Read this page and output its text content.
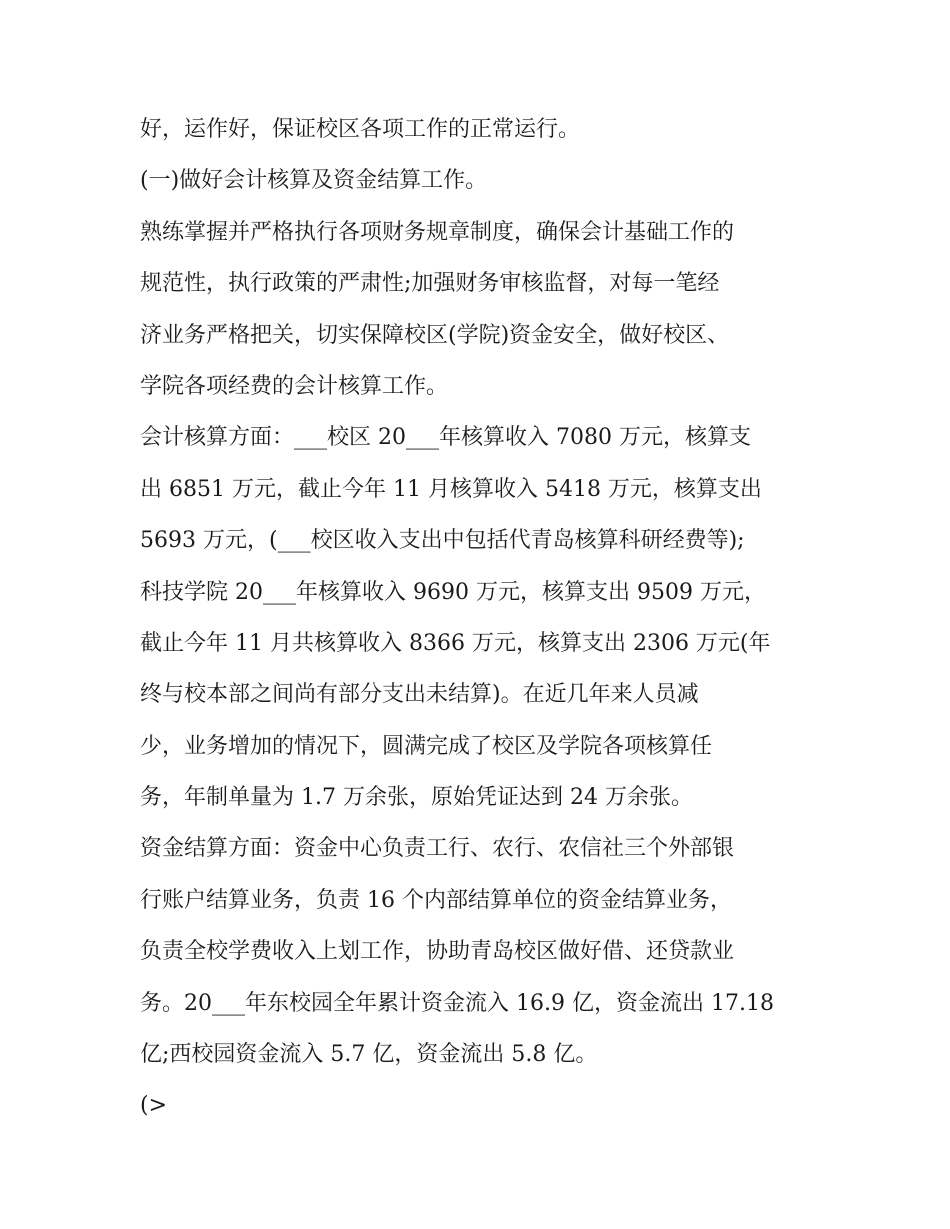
好，运作好，保证校区各项工作的正常运行。
(一)做好会计核算及资金结算工作。
熟练掌握并严格执行各项财务规章制度，确保会计基础工作的
规范性，执行政策的严肃性;加强财务审核监督，对每一笔经
济业务严格把关，切实保障校区(学院)资金安全，做好校区、
学院各项经费的会计核算工作。
会计核算方面：___校区 20___年核算收入 7080 万元，核算支
出 6851 万元，截止今年 11 月核算收入 5418 万元，核算支出
5693 万元，(___校区收入支出中包括代青岛核算科研经费等);
科技学院 20___年核算收入 9690 万元，核算支出 9509 万元，
截止今年 11 月共核算收入 8366 万元，核算支出 2306 万元(年
终与校本部之间尚有部分支出未结算)。在近几年来人员减
少，业务增加的情况下，圆满完成了校区及学院各项核算任
务，年制单量为 1.7 万余张，原始凭证达到 24 万余张。
资金结算方面：资金中心负责工行、农行、农信社三个外部银
行账户结算业务，负责 16 个内部结算单位的资金结算业务，
负责全校学费收入上划工作，协助青岛校区做好借、还贷款业
务。20___年东校园全年累计资金流入 16.9 亿，资金流出 17.18
亿;西校园资金流入 5.7 亿，资金流出 5.8 亿。
(>
